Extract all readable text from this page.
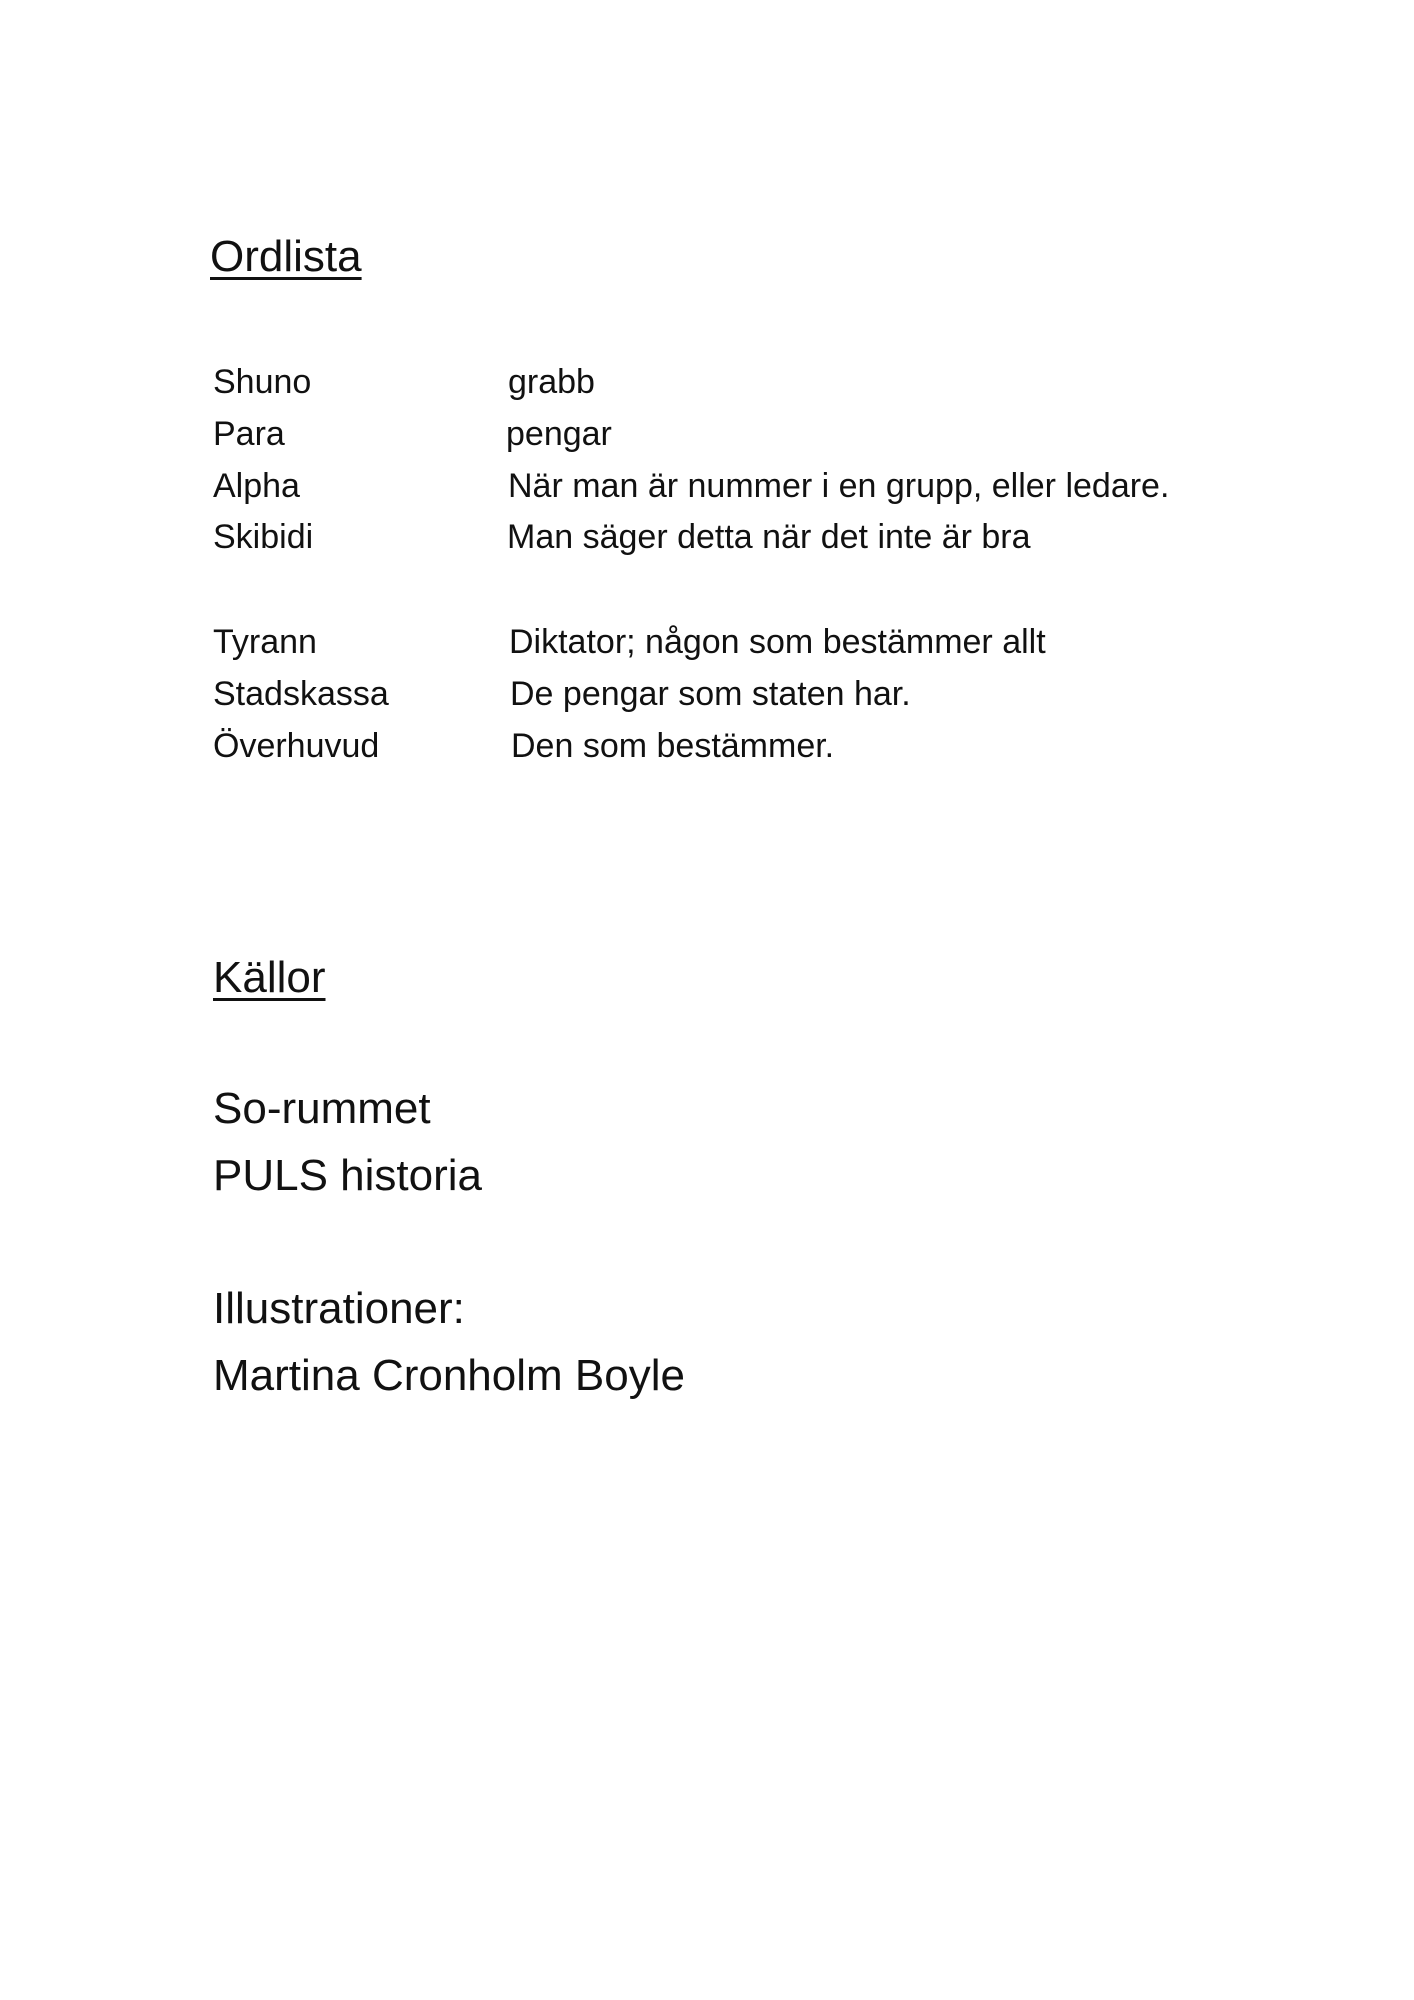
Ordlista
Shuno	grabb
Para	pengar
Alpha	När man är nummer i en grupp, eller ledare.
Skibidi	Man säger detta när det inte är bra
Tyrann	Diktator; någon som bestämmer allt
Stadskassa	De pengar som staten har.
Överhuvud	Den som bestämmer.
Källor
So-rummet
PULS historia
Illustrationer:
Martina Cronholm Boyle
